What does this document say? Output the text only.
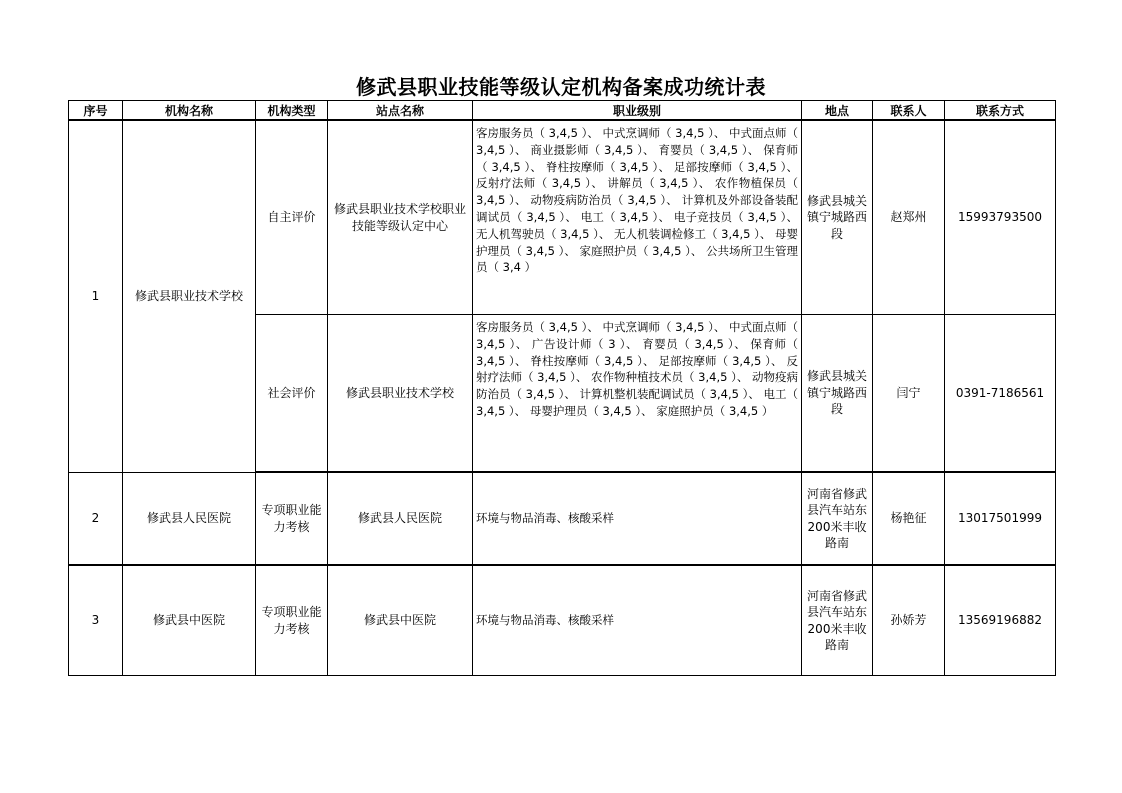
修武县职业技能等级认定机构备案成功统计表
序号	机构名称	机构类型	站点名称	职业级别	地点	联系人	联系方式
1	修武县职业技术学校	自主评价	修武县职业技术学校职业技能等级认定中心	客房服务员（ 3,4,5 ）、 中式烹调师（ 3,4,5 ）、 中式面点师（ 3,4,5 ）、 商业摄影师（ 3,4,5 ）、 育婴员（ 3,4,5 ）、 保育师（ 3,4,5 ）、 脊柱按摩师（ 3,4,5 ）、 足部按摩师（ 3,4,5 ）、 反射疗法师（ 3,4,5 ）、 讲解员（ 3,4,5 ）、 农作物植保员（ 3,4,5 ）、 动物疫病防治员（ 3,4,5 ）、 计算机及外部设备装配调试员（ 3,4,5 ）、 电工（ 3,4,5 ）、 电子竞技员（ 3,4,5 ）、 无人机驾驶员（ 3,4,5 ）、 无人机装调检修工（ 3,4,5 ）、 母婴护理员（ 3,4,5 ）、 家庭照护员（ 3,4,5 ）、 公共场所卫生管理员（ 3,4 ）	修武县城关镇宁城路西段	赵郑州	15993793500
		社会评价	修武县职业技术学校	客房服务员（ 3,4,5 ）、 中式烹调师（ 3,4,5 ）、 中式面点师（ 3,4,5 ）、 广告设计师（ 3 ）、 育婴员（ 3,4,5 ）、 保育师（ 3,4,5 ）、 脊柱按摩师（ 3,4,5 ）、 足部按摩师（ 3,4,5 ）、 反射疗法师（ 3,4,5 ）、 农作物种植技术员（ 3,4,5 ）、 动物疫病防治员（ 3,4,5 ）、 计算机整机装配调试员（ 3,4,5 ）、 电工（ 3,4,5 ）、 母婴护理员（ 3,4,5 ）、 家庭照护员（ 3,4,5 ）	修武县城关镇宁城路西段	闫宁	0391-7186561
2	修武县人民医院	专项职业能力考核	修武县人民医院	环境与物品消毒、核酸采样	河南省修武县汽车站东200米丰收路南	杨艳征	13017501999
3	修武县中医院	专项职业能力考核	修武县中医院	环境与物品消毒、核酸采样	河南省修武县汽车站东200米丰收路南	孙娇芳	13569196882
